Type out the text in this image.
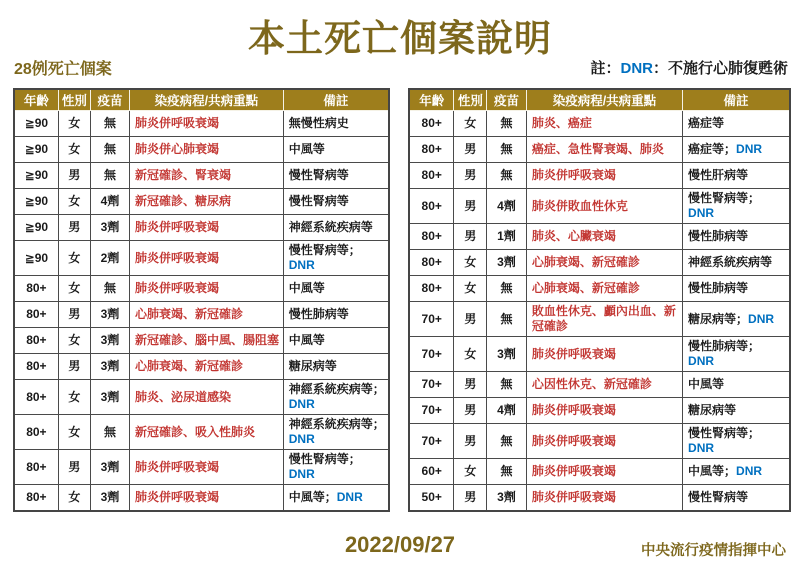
本土死亡個案說明
28例死亡個案	註：DNR：不施行心肺復甦術
年齡	性別	疫苗	染疫病程/共病重點	備註
≧90	女	無	肺炎併呼吸衰竭	無慢性病史
≧90	女	無	肺炎併心肺衰竭	中風等
≧90	男	無	新冠確診、腎衰竭	慢性腎病等
≧90	女	4劑	新冠確診、糖尿病	慢性腎病等
≧90	男	3劑	肺炎併呼吸衰竭	神經系統疾病等
≧90	女	2劑	肺炎併呼吸衰竭	慢性腎病等；DNR
80+	女	無	肺炎併呼吸衰竭	中風等
80+	男	3劑	心肺衰竭、新冠確診	慢性肺病等
80+	女	3劑	新冠確診、腦中風、腸阻塞	中風等
80+	男	3劑	心肺衰竭、新冠確診	糖尿病等
80+	女	3劑	肺炎、泌尿道感染	神經系統疾病等；DNR
80+	女	無	新冠確診、吸入性肺炎	神經系統疾病等；DNR
80+	男	3劑	肺炎併呼吸衰竭	慢性腎病等；DNR
80+	女	3劑	肺炎併呼吸衰竭	中風等；DNR
年齡	性別	疫苗	染疫病程/共病重點	備註
80+	女	無	肺炎、癌症	癌症等
80+	男	無	癌症、急性腎衰竭、肺炎	癌症等；DNR
80+	男	無	肺炎併呼吸衰竭	慢性肝病等
80+	男	4劑	肺炎併敗血性休克	慢性腎病等；DNR
80+	男	1劑	肺炎、心臟衰竭	慢性肺病等
80+	女	3劑	心肺衰竭、新冠確診	神經系統疾病等
80+	女	無	心肺衰竭、新冠確診	慢性肺病等
70+	男	無	敗血性休克、顱內出血、新冠確診	糖尿病等；DNR
70+	女	3劑	肺炎併呼吸衰竭	慢性肺病等；DNR
70+	男	無	心因性休克、新冠確診	中風等
70+	男	4劑	肺炎併呼吸衰竭	糖尿病等
70+	男	無	肺炎併呼吸衰竭	慢性腎病等；DNR
60+	女	無	肺炎併呼吸衰竭	中風等；DNR
50+	男	3劑	肺炎併呼吸衰竭	慢性腎病等
2022/09/27	中央流行疫情指揮中心
